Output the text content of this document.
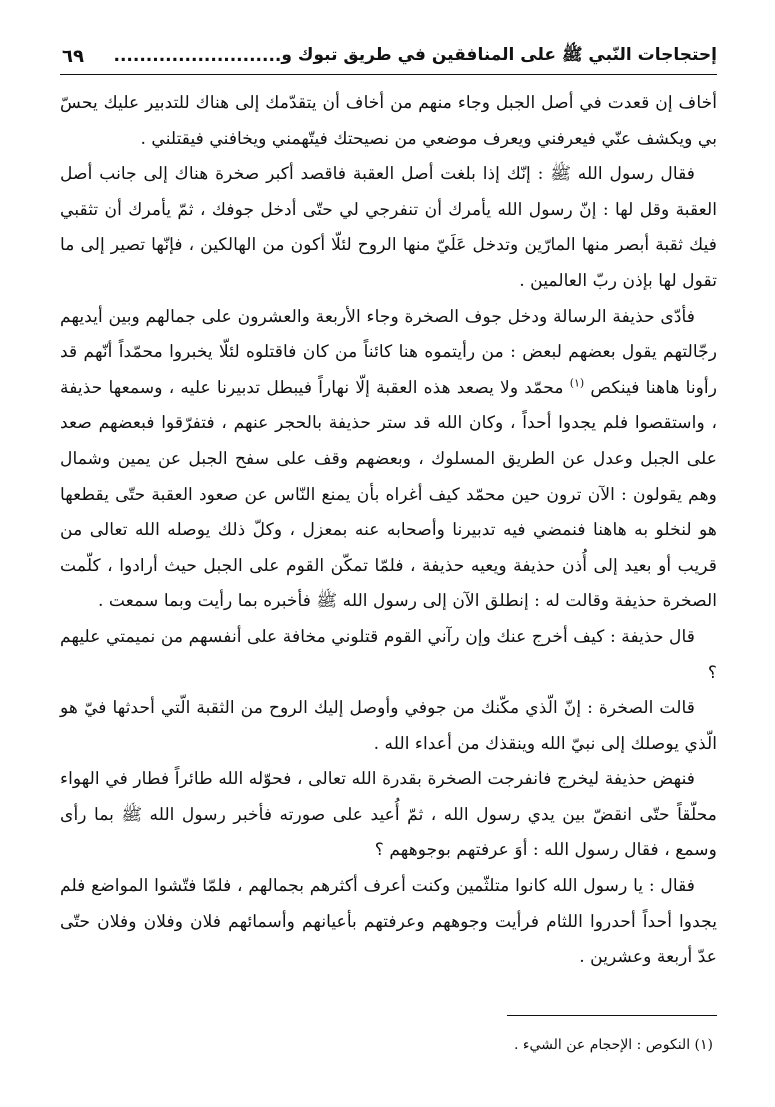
إحتجاجات النّبي ﷺ على المنافقين في طريق تبوك و
..........................
٦٩

أخاف إن قعدت في أصل الجبل وجاء منهم من أخاف أن يتقدّمك إلى هناك للتدبير عليك يحسّ بي ويكشف عنّي فيعرفني ويعرف موضعي من نصيحتك فيتّهمني ويخافني فيقتلني .

فقال رسول الله ﷺ : إنّك إذا بلغت أصل العقبة فاقصد أكبر صخرة هناك إلى جانب أصل العقبة وقل لها : إنّ رسول الله يأمرك أن تنفرجي لي حتّى أدخل جوفك ، ثمّ يأمرك أن تثقبي فيك ثقبة أبصر منها المارّين وتدخل عَلَيّ منها الروح لئلّا أكون من الهالكين ، فإنّها تصير إلى ما تقول لها بإذن ربّ العالمين .

فأدّى حذيفة الرسالة ودخل جوف الصخرة وجاء الأربعة والعشرون على جمالهم وبين أيديهم رجّالتهم يقول بعضهم لبعض : من رأيتموه هنا كائناً من كان فاقتلوه لئلّا يخبروا محمّداً أنّهم قد رأونا هاهنا فينكص $^{(١)}$ محمّد ولا يصعد هذه العقبة إلّا نهاراً فيبطل تدبيرنا عليه ، وسمعها حذيفة ، واستقصوا فلم يجدوا أحداً ، وكان الله قد ستر حذيفة بالحجر عنهم ، فتفرّقوا فبعضهم صعد على الجبل وعدل عن الطريق المسلوك ، وبعضهم وقف على سفح الجبل عن يمين وشمال وهم يقولون : الآن ترون حين محمّد كيف أغراه بأن يمنع النّاس عن صعود العقبة حتّى يقطعها هو لنخلو به هاهنا فنمضي فيه تدبيرنا وأصحابه عنه بمعزل ، وكلّ ذلك يوصله الله تعالى من قريب أو بعيد إلى أُذن حذيفة ويعيه حذيفة ، فلمّا تمكّن القوم على الجبل حيث أرادوا ، كلّمت الصخرة حذيفة وقالت له : إنطلق الآن إلى رسول الله ﷺ فأخبره بما رأيت وبما سمعت .

قال حذيفة : كيف أخرج عنك وإن رآني القوم قتلوني مخافة على أنفسهم من نميمتي عليهم ؟

قالت الصخرة : إنّ الّذي مكّنك من جوفي وأوصل إليك الروح من الثقبة الّتي أحدثها فيّ هو الّذي يوصلك إلى نبيّ الله وينقذك من أعداء الله .

فنهض حذيفة ليخرج فانفرجت الصخرة بقدرة الله تعالى ، فحوّله الله طائراً فطار في الهواء محلّقاً حتّى انقضّ بين يدي رسول الله ، ثمّ أُعيد على صورته فأخبر رسول الله ﷺ بما رأى وسمع ، فقال رسول الله : أوَ عرفتهم بوجوههم ؟

فقال : يا رسول الله كانوا متلثّمين وكنت أعرف أكثرهم بجمالهم ، فلمّا فتّشوا المواضع فلم يجدوا أحداً أحدروا اللثام فرأيت وجوههم وعرفتهم بأعيانهم وأسمائهم فلان وفلان وفلان حتّى عدّ أربعة وعشرين .

(١) النكوص : الإحجام عن الشيء .
